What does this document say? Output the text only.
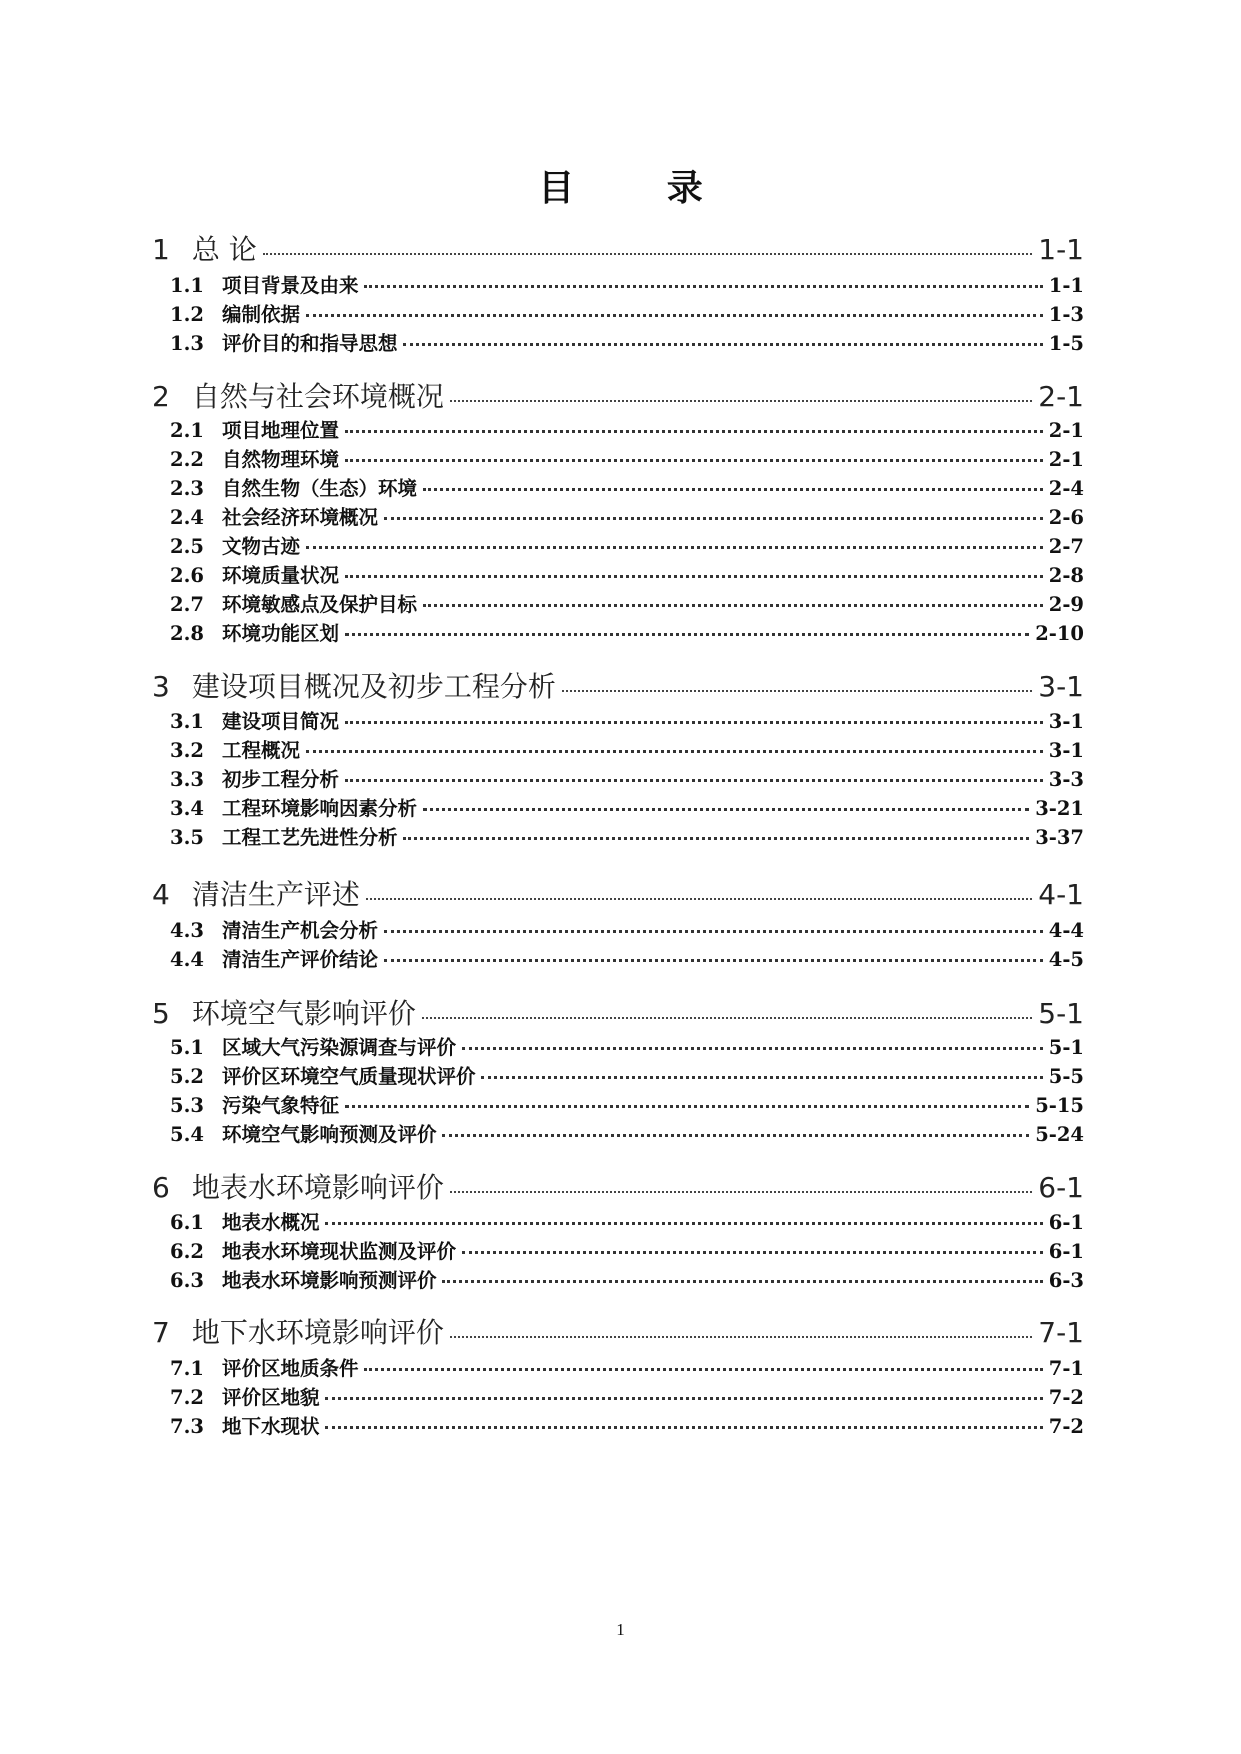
目 录
1 总 论	1-1
1.1 项目背景及由来	1-1
1.2 编制依据	1-3
1.3 评价目的和指导思想	1-5
2 自然与社会环境概况	2-1
2.1 项目地理位置	2-1
2.2 自然物理环境	2-1
2.3 自然生物（生态）环境	2-4
2.4 社会经济环境概况	2-6
2.5 文物古迹	2-7
2.6 环境质量状况	2-8
2.7 环境敏感点及保护目标	2-9
2.8 环境功能区划	2-10
3 建设项目概况及初步工程分析	3-1
3.1 建设项目简况	3-1
3.2 工程概况	3-1
3.3 初步工程分析	3-3
3.4 工程环境影响因素分析	3-21
3.5 工程工艺先进性分析	3-37
4 清洁生产评述	4-1
4.3 清洁生产机会分析	4-4
4.4 清洁生产评价结论	4-5
5 环境空气影响评价	5-1
5.1 区域大气污染源调查与评价	5-1
5.2 评价区环境空气质量现状评价	5-5
5.3 污染气象特征	5-15
5.4 环境空气影响预测及评价	5-24
6 地表水环境影响评价	6-1
6.1 地表水概况	6-1
6.2 地表水环境现状监测及评价	6-1
6.3 地表水环境影响预测评价	6-3
7 地下水环境影响评价	7-1
7.1 评价区地质条件	7-1
7.2 评价区地貌	7-2
7.3 地下水现状	7-2
1
